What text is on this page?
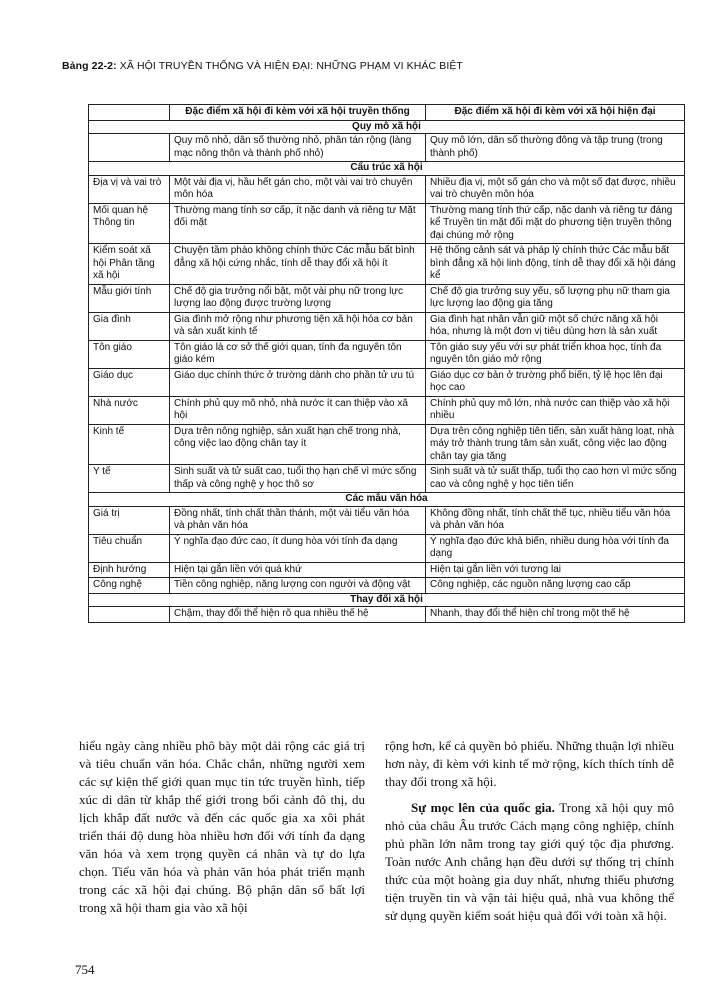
Bảng 22-2: XÃ HỘI TRUYỀN THỐNG VÀ HIỆN ĐẠI: NHỮNG PHẠM VI KHÁC BIỆT
	Đặc điểm xã hội đi kèm với xã hội truyền thống	Đặc điểm xã hội đi kèm với xã hội hiện đại
Quy mô xã hội		
	Quy mô nhỏ, dân số thường nhỏ, phân tán rộng (làng mạc nông thôn và thành phố nhỏ)	Quy mô lớn, dân số thường đông và tập trung (trong thành phố)
Cấu trúc xã hội		
Địa vị và vai trò	Một vài địa vị, hầu hết gán cho, một vài vai trò chuyên môn hóa	Nhiều địa vị, một số gán cho và một số đạt được, nhiều vai trò chuyên môn hóa
Mối quan hệ Thông tin	Thường mang tính sơ cấp, ít nặc danh và riêng tư Mặt đối mặt	Thường mang tính thứ cấp, nặc danh và riêng tư đáng kể Truyền tin mặt đối mặt do phương tiện truyền thông đại chúng mở rộng
Kiểm soát xã hội Phân tầng xã hội	Chuyện tầm phào không chính thức Các mẫu bất bình đẳng xã hội cứng nhắc, tính dễ thay đổi xã hội ít	Hệ thống cảnh sát và pháp lý chính thức Các mẫu bất bình đẳng xã hội linh động, tính dễ thay đổi xã hội đáng kể
Mẫu giới tính	Chế độ gia trưởng nổi bật, một vài phụ nữ trong lực lượng lao động được trường lượng	Chế độ gia trưởng suy yếu, số lượng phụ nữ tham gia lực lượng lao động gia tăng
Gia đình	Gia đình mở rộng như phương tiện xã hội hóa cơ bản và sản xuất kinh tế	Gia đình hạt nhân vẫn giữ một số chức năng xã hội hóa, nhưng là một đơn vị tiêu dùng hơn là sản xuất
Tôn giáo	Tôn giáo là cơ sở thế giới quan, tính đa nguyên tôn giáo kém	Tôn giáo suy yếu với sự phát triển khoa học, tính đa nguyên tôn giáo mở rộng
Giáo dục	Giáo dục chính thức ở trường dành cho phần tử ưu tú	Giáo dục cơ bản ở trường phổ biến, tỷ lệ học lên đại học cao
Nhà nước	Chính phủ quy mô nhỏ, nhà nước ít can thiệp vào xã hội	Chính phủ quy mô lớn, nhà nước can thiệp vào xã hội nhiều
Kinh tế	Dựa trên nông nghiệp, sản xuất hạn chế trong nhà, công việc lao động chân tay ít	Dựa trên công nghiệp tiên tiến, sản xuất hàng loạt, nhà máy trở thành trung tâm sản xuất, công việc lao động chân tay gia tăng
Y tế	Sinh suất và tử suất cao, tuổi thọ hạn chế vì mức sống thấp và công nghệ y học thô sơ	Sinh suất và tử suất thấp, tuổi thọ cao hơn vì mức sống cao và công nghệ y học tiên tiến
Các mẫu văn hóa		
Giá trị	Đồng nhất, tính chất thần thánh, một vài tiểu văn hóa và phản văn hóa	Không đồng nhất, tính chất thế tục, nhiều tiểu văn hóa và phản văn hóa
Tiêu chuẩn	Ý nghĩa đạo đức cao, ít dung hòa với tính đa dạng	Ý nghĩa đạo đức khả biến, nhiều dung hòa với tính đa dạng
Định hướng	Hiện tại gắn liền với quá khứ	Hiện tại gắn liền với tương lai
Công nghệ	Tiền công nghiệp, năng lượng con người và động vật	Công nghiệp, các nguồn năng lượng cao cấp
Thay đổi xã hội		
	Chậm, thay đổi thể hiện rõ qua nhiều thế hệ	Nhanh, thay đổi thể hiện chỉ trong một thế hệ
hiểu ngày càng nhiều phô bày một dải rộng các giá trị và tiêu chuẩn văn hóa. Chắc chắn, những người xem các sự kiện thế giới quan mục tin tức truyền hình, tiếp xúc di dân từ khắp thế giới trong bối cảnh đô thị, du lịch khắp đất nước và đến các quốc gia xa xôi phát triển thái độ dung hòa nhiều hơn đối với tính đa dạng văn hóa và xem trọng quyền cá nhân và tự do lựa chọn. Tiểu văn hóa và phản văn hóa phát triển mạnh trong các xã hội đại chúng. Bộ phận dân số bất lợi trong xã hội tham gia vào xã hội

rộng hơn, kể cả quyền bỏ phiếu. Những thuận lợi nhiều hơn này, đi kèm với kinh tế mở rộng, kích thích tính dễ thay đổi trong xã hội.

Sự mọc lên của quốc gia. Trong xã hội quy mô nhỏ của châu Âu trước Cách mạng công nghiệp, chính phủ phần lớn nằm trong tay giới quý tộc địa phương. Toàn nước Anh chẳng hạn đều dưới sự thống trị chính thức của một hoàng gia duy nhất, nhưng thiếu phương tiện truyền tin và vận tải hiệu quả, nhà vua không thể sử dụng quyền kiểm soát hiệu quả đối với toàn xã hội.

754
